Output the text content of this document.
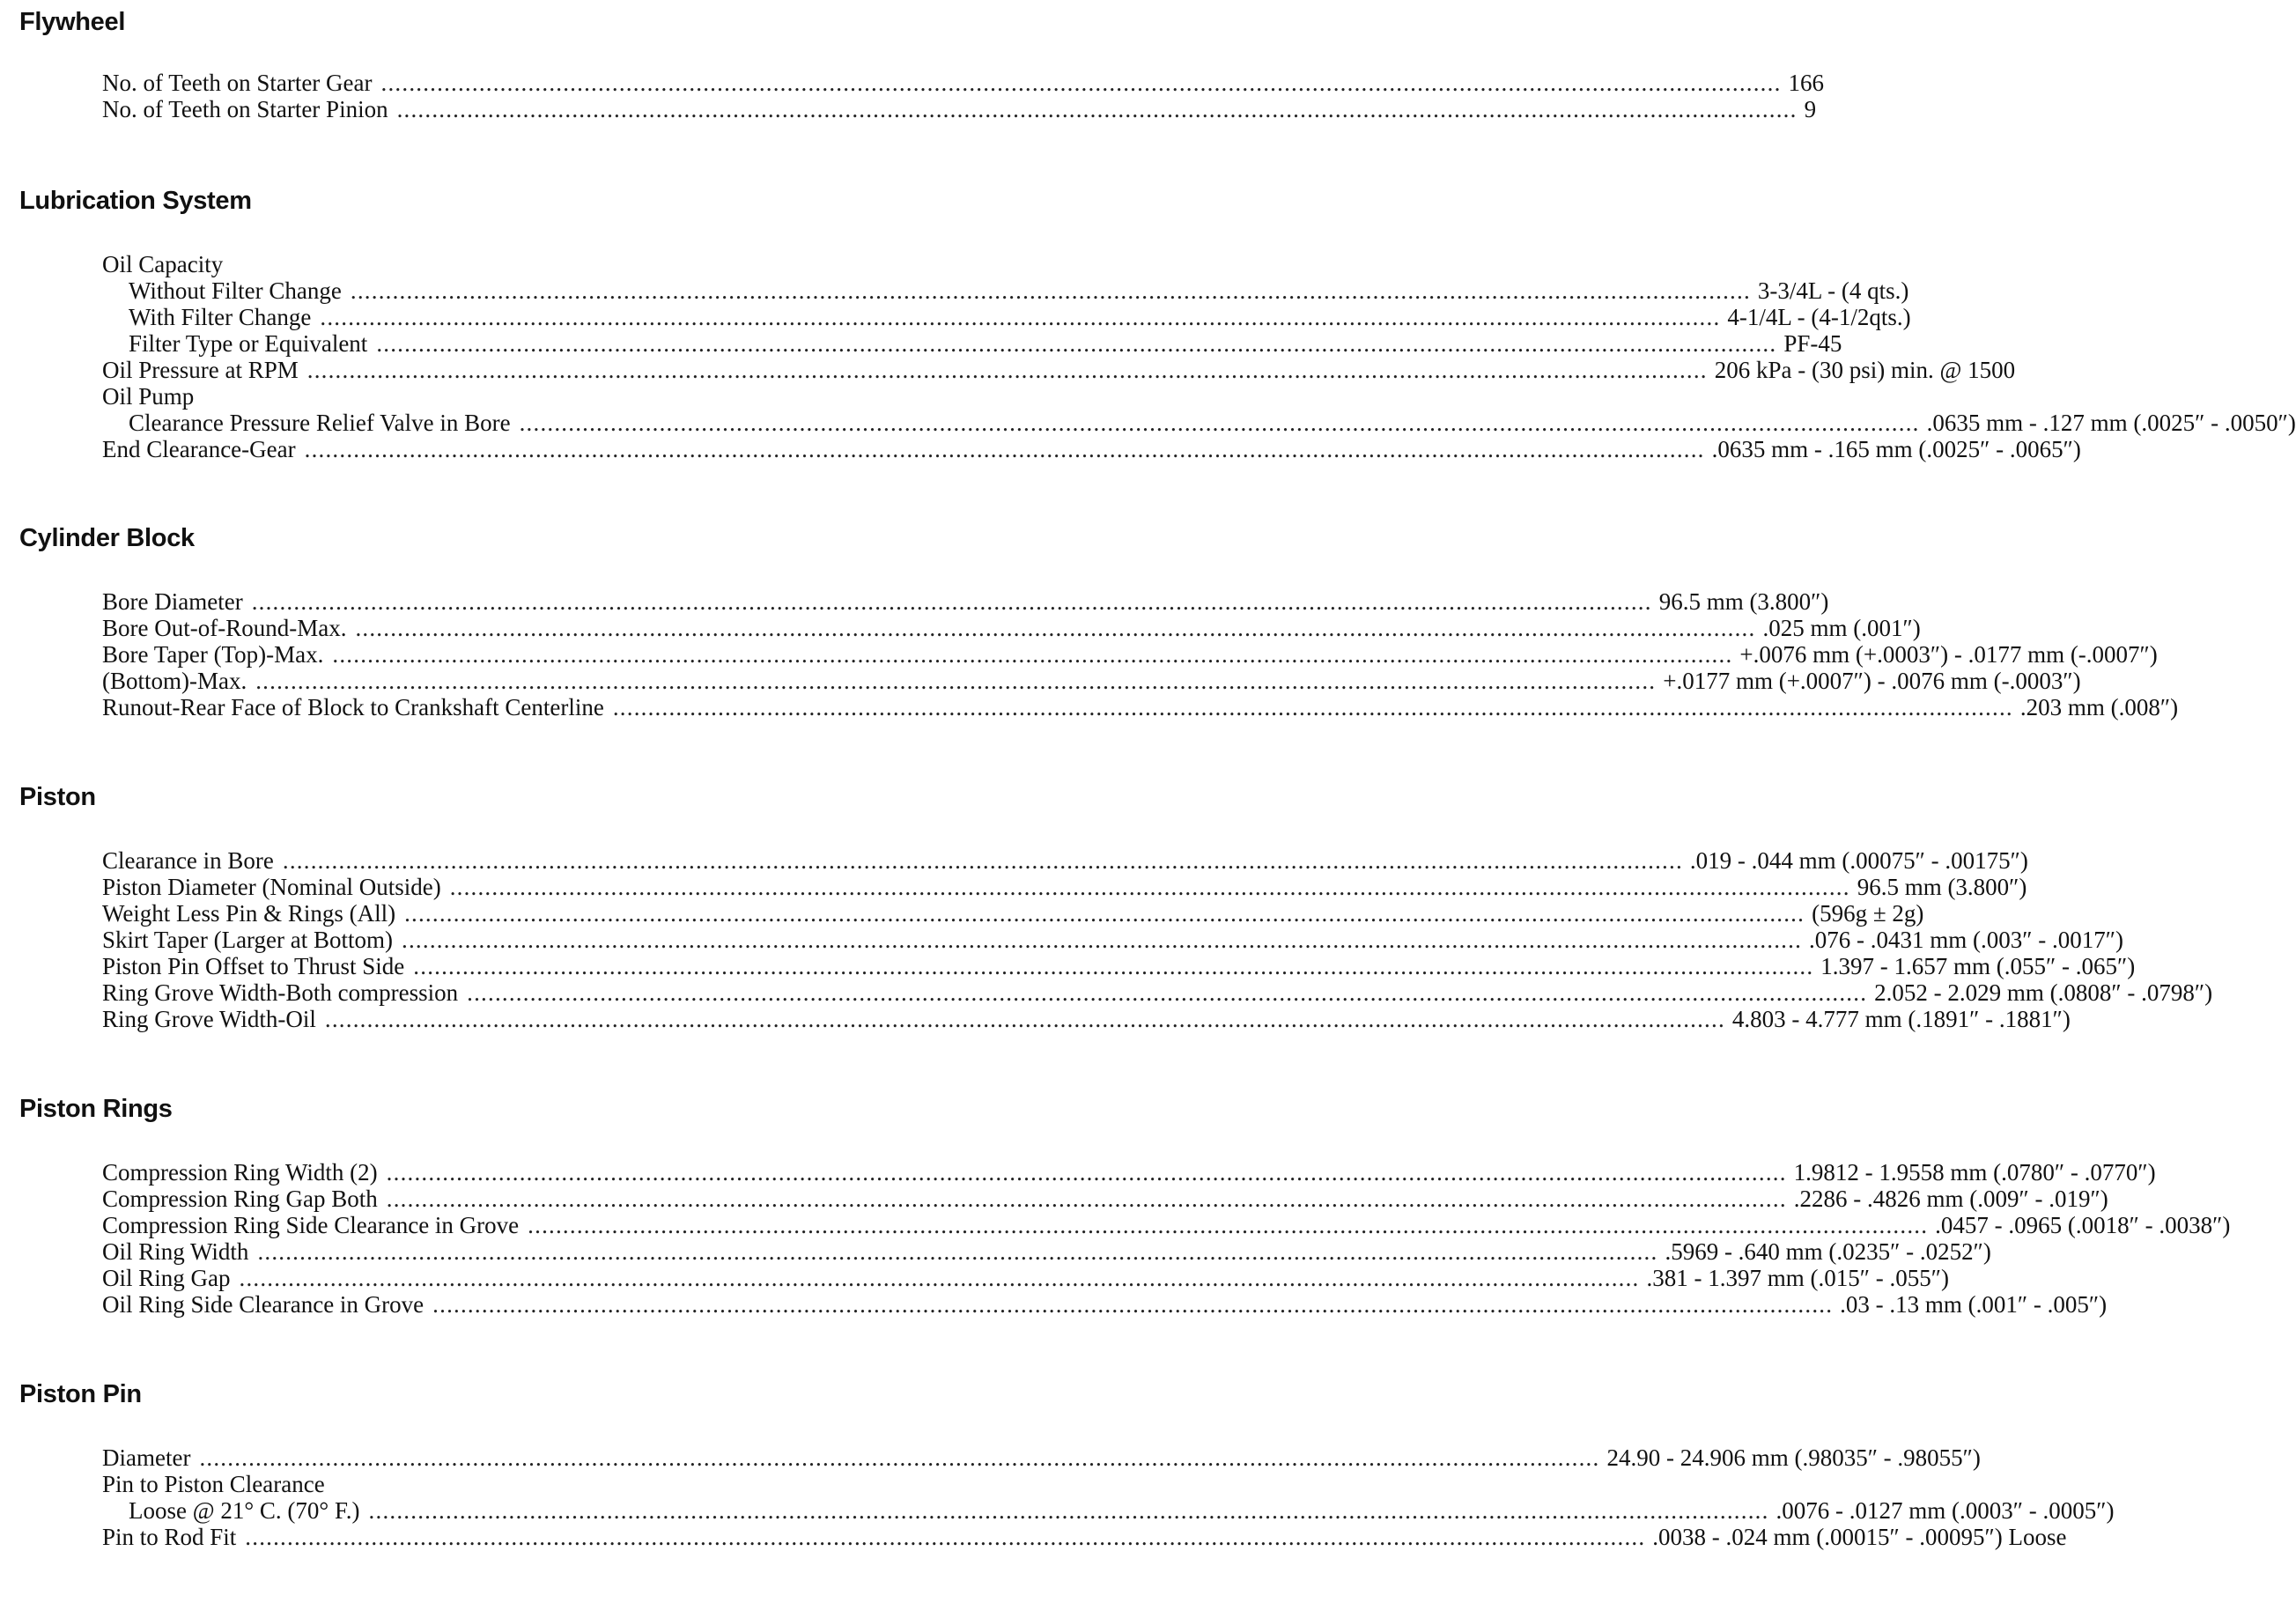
Flywheel
No. of Teeth on Starter Gear ........................................................................................................................................................................................................ 166
No. of Teeth on Starter Pinion ........................................................................................................................................................................................................ 9
Lubrication System
Oil Capacity
Without Filter Change ........................................................................................................................................................................................................ 3-3/4L - (4 qts.)
With Filter Change ........................................................................................................................................................................................................ 4-1/4L - (4-1/2qts.)
Filter Type or Equivalent ........................................................................................................................................................................................................ PF-45
Oil Pressure at RPM ........................................................................................................................................................................................................ 206 kPa - (30 psi) min. @ 1500
Oil Pump
Clearance Pressure Relief Valve in Bore ........................................................................................................................................................................................................ .0635 mm - .127 mm (.0025″ - .0050″)
End Clearance-Gear ........................................................................................................................................................................................................ .0635 mm - .165 mm (.0025″ - .0065″)
Cylinder Block
Bore Diameter ........................................................................................................................................................................................................ 96.5 mm (3.800″)
Bore Out-of-Round-Max. ........................................................................................................................................................................................................ .025 mm (.001″)
Bore Taper (Top)-Max. ........................................................................................................................................................................................................ +.0076 mm (+.0003″) - .0177 mm (-.0007″)
(Bottom)-Max. ........................................................................................................................................................................................................ +.0177 mm (+.0007″) - .0076 mm (-.0003″)
Runout-Rear Face of Block to Crankshaft Centerline ........................................................................................................................................................................................................ .203 mm (.008″)
Piston
Clearance in Bore ........................................................................................................................................................................................................ .019 - .044 mm (.00075″ - .00175″)
Piston Diameter (Nominal Outside) ........................................................................................................................................................................................................ 96.5 mm (3.800″)
Weight Less Pin & Rings (All) ........................................................................................................................................................................................................ (596g ± 2g)
Skirt Taper (Larger at Bottom) ........................................................................................................................................................................................................ .076 - .0431 mm (.003″ - .0017″)
Piston Pin Offset to Thrust Side ........................................................................................................................................................................................................ 1.397 - 1.657 mm (.055″ - .065″)
Ring Grove Width-Both compression ........................................................................................................................................................................................................ 2.052 - 2.029 mm (.0808″ - .0798″)
Ring Grove Width-Oil ........................................................................................................................................................................................................ 4.803 - 4.777 mm (.1891″ - .1881″)
Piston Rings
Compression Ring Width (2) ........................................................................................................................................................................................................ 1.9812 - 1.9558 mm (.0780″ - .0770″)
Compression Ring Gap Both ........................................................................................................................................................................................................ .2286 - .4826 mm (.009″ - .019″)
Compression Ring Side Clearance in Grove ........................................................................................................................................................................................................ .0457 - .0965 (.0018″ - .0038″)
Oil Ring Width ........................................................................................................................................................................................................ .5969 - .640 mm (.0235″ - .0252″)
Oil Ring Gap ........................................................................................................................................................................................................ .381 - 1.397 mm (.015″ - .055″)
Oil Ring Side Clearance in Grove ........................................................................................................................................................................................................ .03 - .13 mm (.001″ - .005″)
Piston Pin
Diameter ........................................................................................................................................................................................................ 24.90 - 24.906 mm (.98035″ - .98055″)
Pin to Piston Clearance
Loose @ 21° C. (70° F.) ........................................................................................................................................................................................................ .0076 - .0127 mm (.0003″ - .0005″)
Pin to Rod Fit ........................................................................................................................................................................................................ .0038 - .024 mm (.00015″ - .00095″) Loose
